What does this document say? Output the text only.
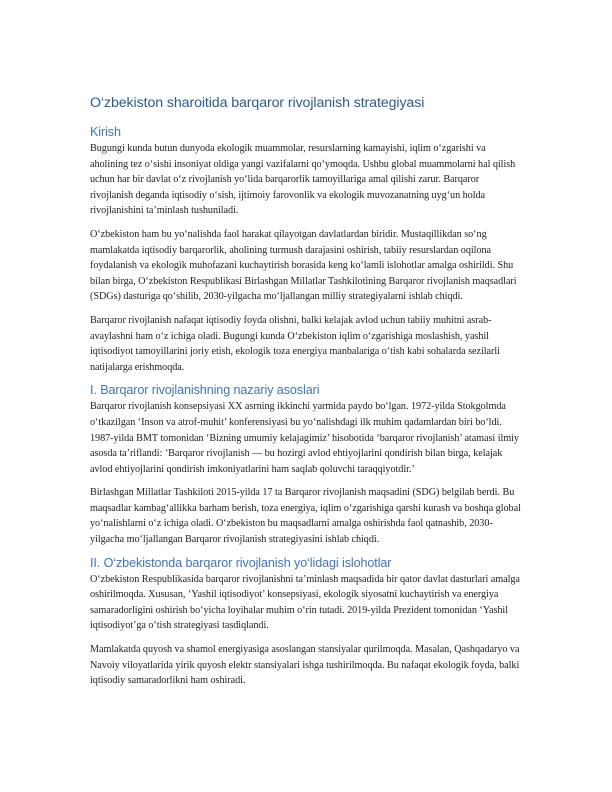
O‘zbekiston sharoitida barqaror rivojlanish strategiyasi
Kirish

Bugungi kunda butun dunyoda ekologik muammolar, resurslarning kamayishi, iqlim o‘zgarishi va aholining tez o‘sishi insoniyat oldiga yangi vazifalarni qo‘ymoqda. Ushbu global muammolarni hal qilish uchun har bir davlat o‘z rivojlanish yo‘lida barqarorlik tamoyillariga amal qilishi zarur. Barqaror rivojlanish deganda iqtisodiy o‘sish, ijtimoiy farovonlik va ekologik muvozanatning uyg‘un holda rivojlanishini ta’minlash tushuniladi.

O‘zbekiston ham bu yo‘nalishda faol harakat qilayotgan davlatlardan biridir. Mustaqillikdan so‘ng mamlakatda iqtisodiy barqarorlik, aholining turmush darajasini oshirish, tabiiy resurslardan oqilona foydalanish va ekologik muhofazani kuchaytirish borasida keng ko‘lamli islohotlar amalga oshirildi. Shu bilan birga, O‘zbekiston Respublikasi Birlashgan Millatlar Tashkilotining Barqaror rivojlanish maqsadlari (SDGs) dasturiga qo‘shilib, 2030-yilgacha mo‘ljallangan milliy strategiyalarni ishlab chiqdi.

Barqaror rivojlanish nafaqat iqtisodiy foyda olishni, balki kelajak avlod uchun tabiiy muhitni asrab-avaylashni ham o‘z ichiga oladi. Bugungi kunda O‘zbekiston iqlim o‘zgarishiga moslashish, yashil iqtisodiyot tamoyillarini joriy etish, ekologik toza energiya manbalariga o‘tish kabi sohalarda sezilarli natijalarga erishmoqda.

I. Barqaror rivojlanishning nazariy asoslari

Barqaror rivojlanish konsepsiyasi XX asrning ikkinchi yarmida paydo bo‘lgan. 1972-yilda Stokgolmda o‘tkazilgan ‘Inson va atrof-muhit’ konferensiyasi bu yo‘nalishdagi ilk muhim qadamlardan biri bo‘ldi. 1987-yilda BMT tomonidan ‘Bizning umumiy kelajagimiz’ hisobotida ‘barqaror rivojlanish’ atamasi ilmiy asosda ta’riflandi: ‘Barqaror rivojlanish — bu hozirgi avlod ehtiyojlarini qondirish bilan birga, kelajak avlod ehtiyojlarini qondirish imkoniyatlarini ham saqlab qoluvchi taraqqiyotdir.’

Birlashgan Millatlar Tashkiloti 2015-yilda 17 ta Barqaror rivojlanish maqsadini (SDG) belgilab berdi. Bu maqsadlar kambag‘allikka barham berish, toza energiya, iqlim o‘zgarishiga qarshi kurash va boshqa global yo‘nalishlarni o‘z ichiga oladi. O‘zbekiston bu maqsadlarni amalga oshirishda faol qatnashib, 2030-yilgacha mo‘ljallangan Barqaror rivojlanish strategiyasini ishlab chiqdi.

II. O‘zbekistonda barqaror rivojlanish yo‘lidagi islohotlar

O‘zbekiston Respublikasida barqaror rivojlanishni ta’minlash maqsadida bir qator davlat dasturlari amalga oshirilmoqda. Xususan, ‘Yashil iqtisodiyot’ konsepsiyasi, ekologik siyosatni kuchaytirish va energiya samaradorligini oshirish bo‘yicha loyihalar muhim o‘rin tutadi. 2019-yilda Prezident tomonidan ‘Yashil iqtisodiyot’ga o‘tish strategiyasi tasdiqlandi.

Mamlakatda quyosh va shamol energiyasiga asoslangan stansiyalar qurilmoqda. Masalan, Qashqadaryo va Navoiy viloyatlarida yirik quyosh elektr stansiyalari ishga tushirilmoqda. Bu nafaqat ekologik foyda, balki iqtisodiy samaradorlikni ham oshiradi.
